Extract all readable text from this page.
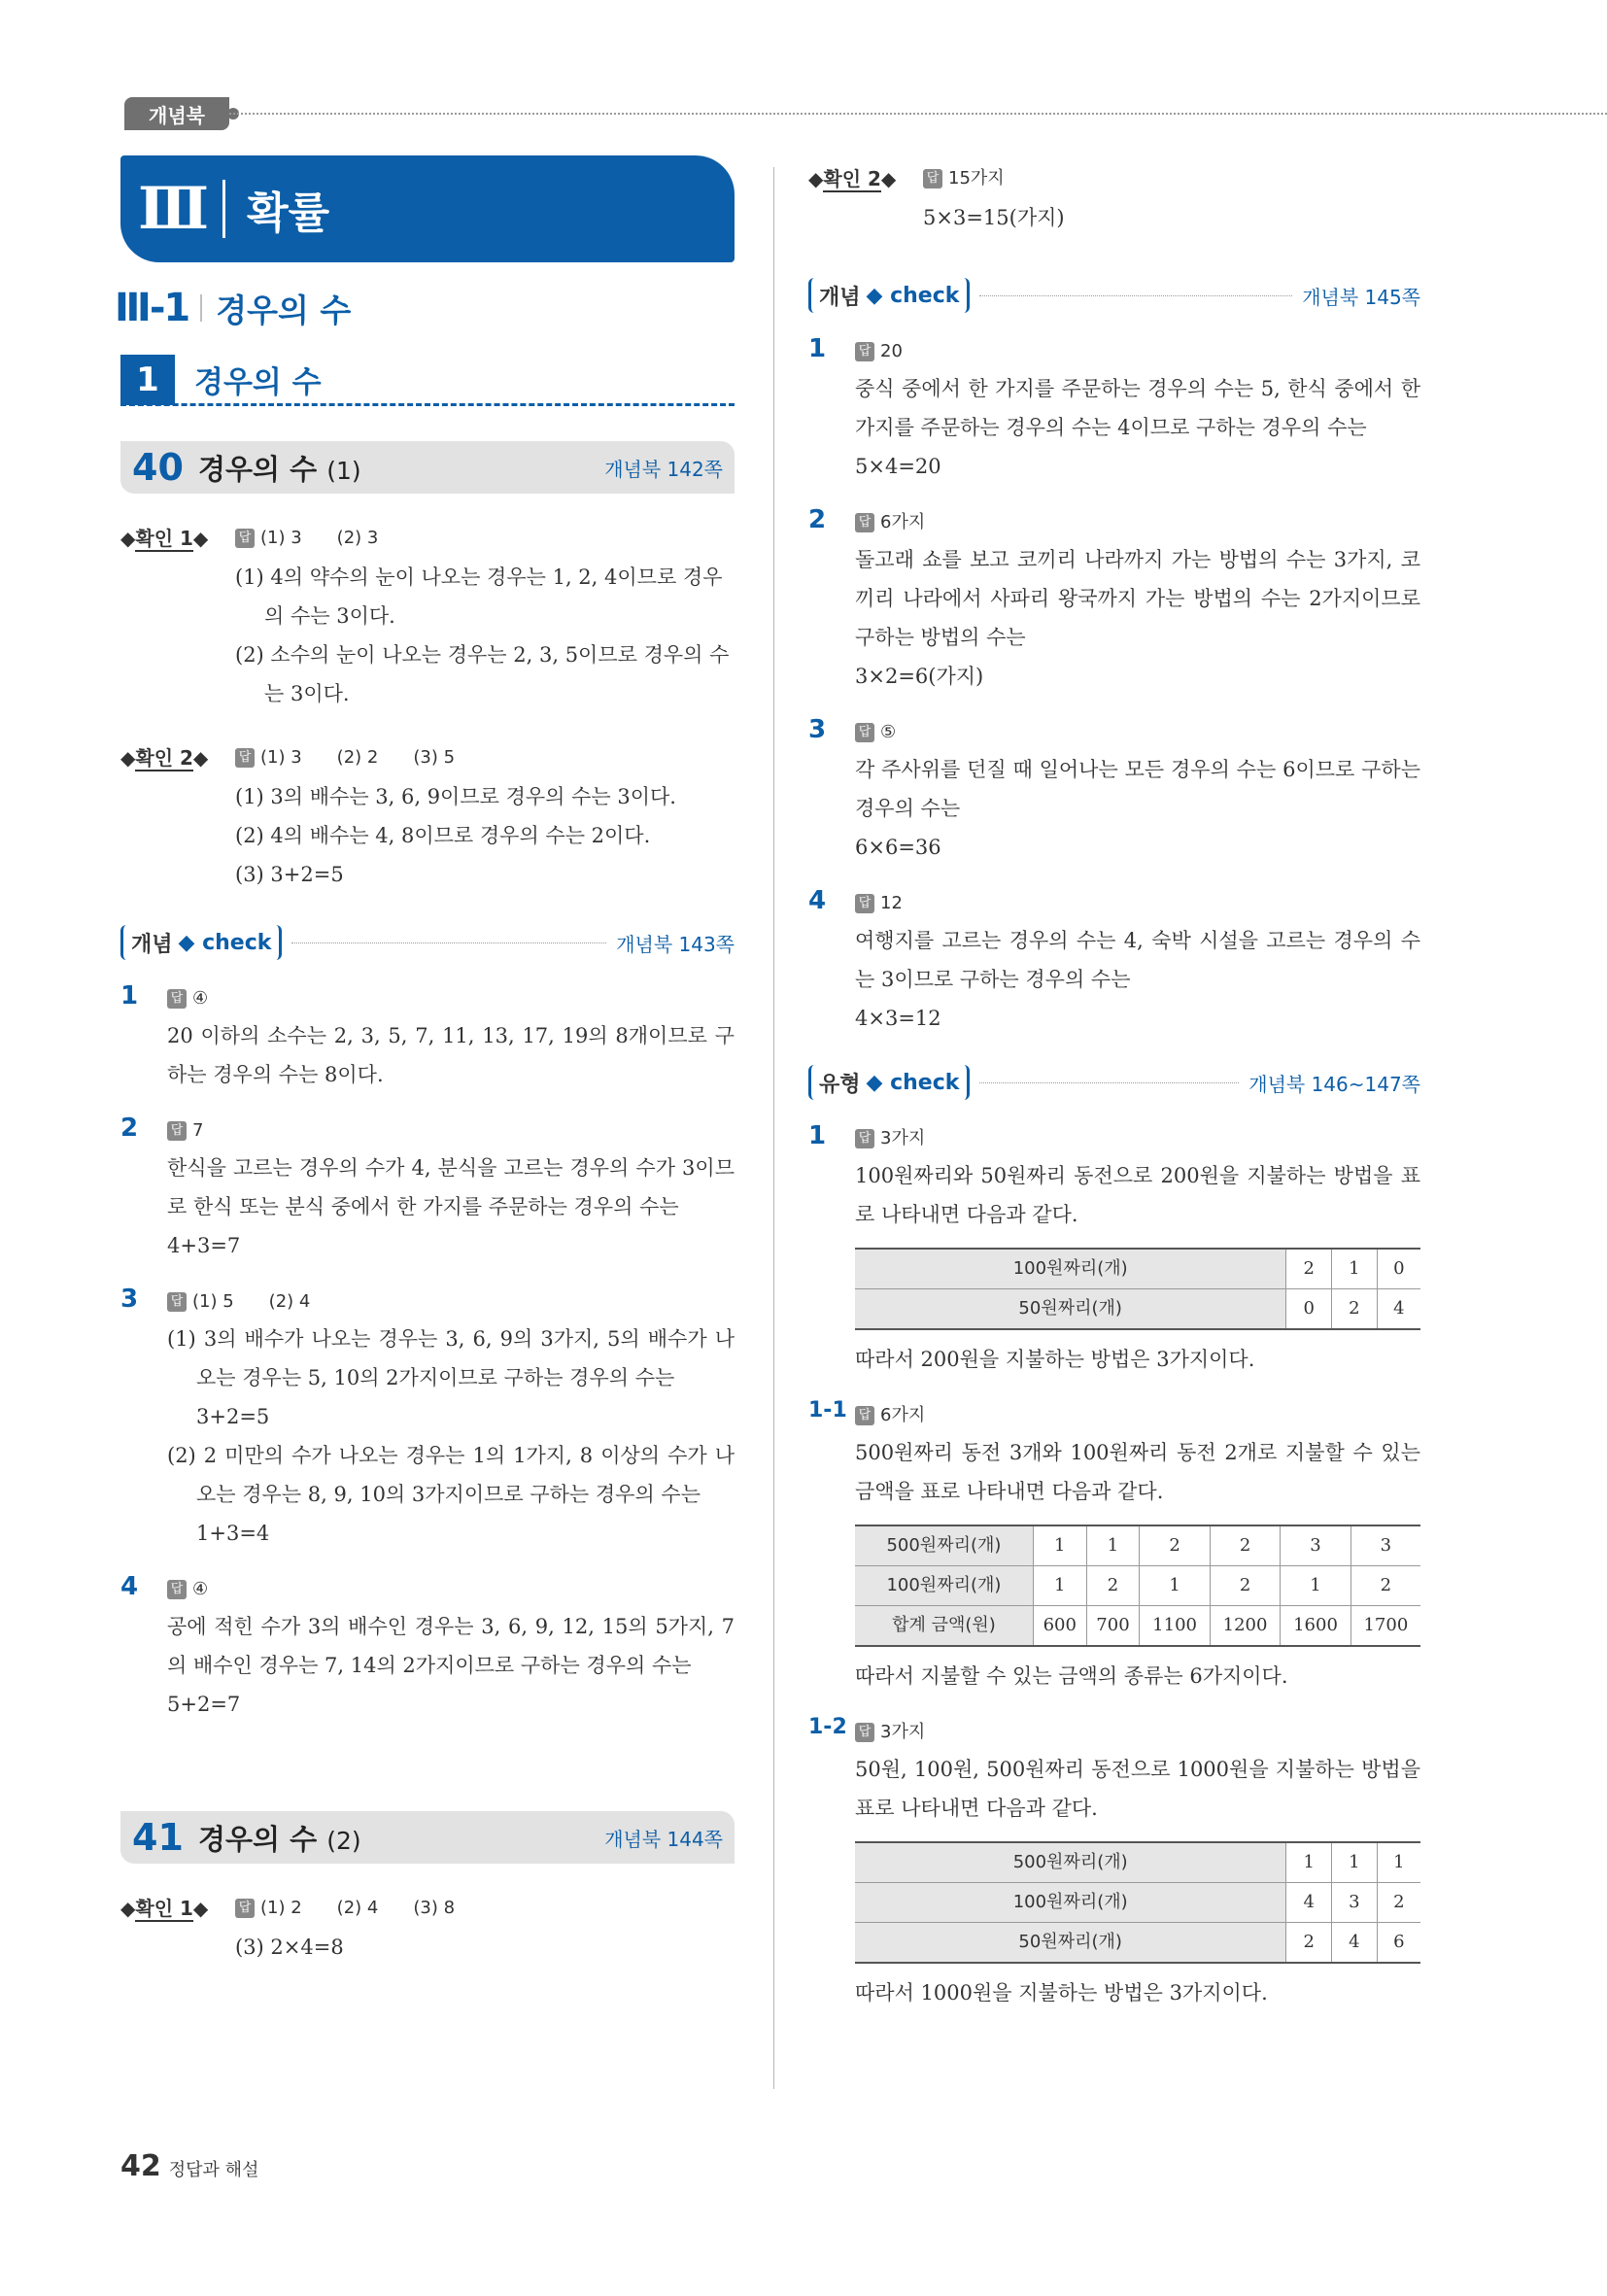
개념북
Ⅲ 확률
Ⅲ-1 경우의 수
1	경우의 수
40 경우의 수 (1)	개념북 142쪽
◆확인 1◆	답 (1) 3 (2) 3
(1) 4의 약수의 눈이 나오는 경우는 1, 2, 4이므로 경우의 수는 3이다.
(2) 소수의 눈이 나오는 경우는 2, 3, 5이므로 경우의 수는 3이다.
◆확인 2◆	답 (1) 3 (2) 2 (3) 5
(1) 3의 배수는 3, 6, 9이므로 경우의 수는 3이다.
(2) 4의 배수는 4, 8이므로 경우의 수는 2이다.
(3) 3+2=5
개념 ◆ check	개념북 143쪽
1	답 ④
20 이하의 소수는 2, 3, 5, 7, 11, 13, 17, 19의 8개이므로 구하는 경우의 수는 8이다.
2	답 7
한식을 고르는 경우의 수가 4, 분식을 고르는 경우의 수가 3이므로 한식 또는 분식 중에서 한 가지를 주문하는 경우의 수는
4+3=7
3	답 (1) 5 (2) 4
(1) 3의 배수가 나오는 경우는 3, 6, 9의 3가지, 5의 배수가 나오는 경우는 5, 10의 2가지이므로 구하는 경우의 수는
3+2=5
(2) 2 미만의 수가 나오는 경우는 1의 1가지, 8 이상의 수가 나오는 경우는 8, 9, 10의 3가지이므로 구하는 경우의 수는
1+3=4
4	답 ④
공에 적힌 수가 3의 배수인 경우는 3, 6, 9, 12, 15의 5가지, 7의 배수인 경우는 7, 14의 2가지이므로 구하는 경우의 수는
5+2=7
41 경우의 수 (2)	개념북 144쪽
◆확인 1◆	답 (1) 2 (2) 4 (3) 8
(3) 2×4=8
◆확인 2◆	답 15가지
5×3=15(가지)
개념 ◆ check	개념북 145쪽
1	답 20
중식 중에서 한 가지를 주문하는 경우의 수는 5, 한식 중에서 한 가지를 주문하는 경우의 수는 4이므로 구하는 경우의 수는
5×4=20
2	답 6가지
돌고래 쇼를 보고 코끼리 나라까지 가는 방법의 수는 3가지, 코끼리 나라에서 사파리 왕국까지 가는 방법의 수는 2가지이므로 구하는 방법의 수는
3×2=6(가지)
3	답 ⑤
각 주사위를 던질 때 일어나는 모든 경우의 수는 6이므로 구하는 경우의 수는
6×6=36
4	답 12
여행지를 고르는 경우의 수는 4, 숙박 시설을 고르는 경우의 수는 3이므로 구하는 경우의 수는
4×3=12
유형 ◆ check	개념북 146~147쪽
1	답 3가지
100원짜리와 50원짜리 동전으로 200원을 지불하는 방법을 표로 나타내면 다음과 같다.
100원짜리(개)	2	1	0
50원짜리(개)	0	2	4
따라서 200원을 지불하는 방법은 3가지이다.
1-1 답 6가지
500원짜리 동전 3개와 100원짜리 동전 2개로 지불할 수 있는 금액을 표로 나타내면 다음과 같다.
500원짜리(개)	1	1	2	2	3	3
100원짜리(개)	1	2	1	2	1	2
합계 금액(원)	600	700	1100	1200	1600	1700
따라서 지불할 수 있는 금액의 종류는 6가지이다.
1-2 답 3가지
50원, 100원, 500원짜리 동전으로 1000원을 지불하는 방법을 표로 나타내면 다음과 같다.
500원짜리(개)	1	1	1
100원짜리(개)	4	3	2
50원짜리(개)	2	4	6
따라서 1000원을 지불하는 방법은 3가지이다.
42 정답과 해설
